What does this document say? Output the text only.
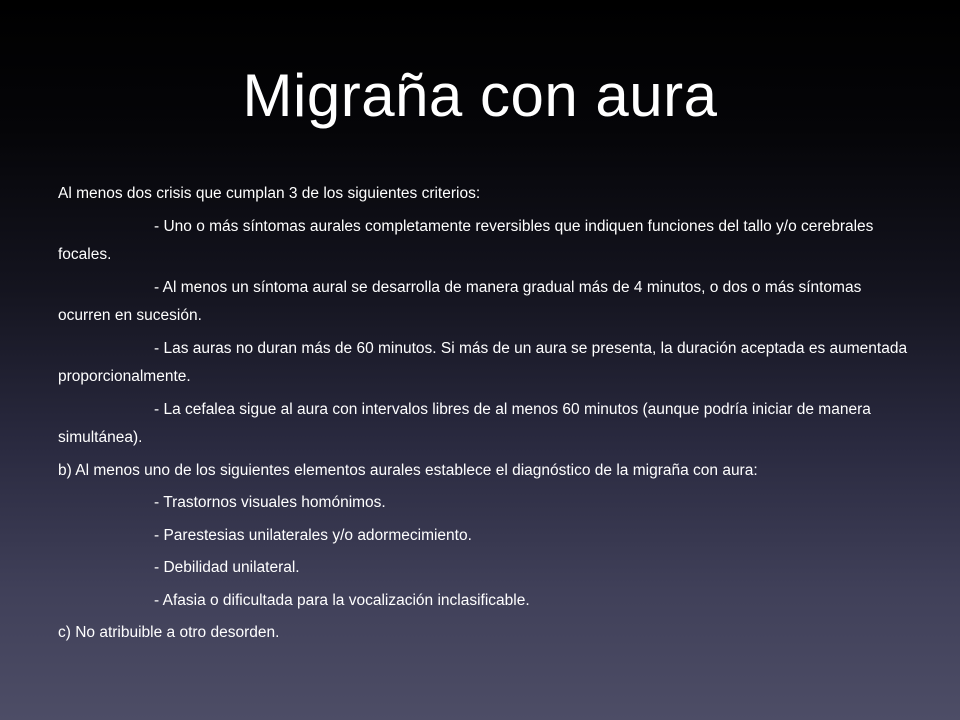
Migraña con aura

Al menos dos crisis que cumplan 3 de los siguientes criterios:

- Uno o más síntomas aurales completamente reversibles que indiquen funciones del tallo y/o cerebrales focales.

- Al menos un síntoma aural se desarrolla de manera gradual más de 4 minutos, o dos o más síntomas ocurren en sucesión.

- Las auras no duran más de 60 minutos. Si más de un aura se presenta, la duración aceptada es aumentada proporcionalmente.

- La cefalea sigue al aura con intervalos libres de al menos 60 minutos (aunque podría iniciar de manera simultánea).

b) Al menos uno de los siguientes elementos aurales establece el diagnóstico de la migraña con aura:

- Trastornos visuales homónimos.

- Parestesias unilaterales y/o adormecimiento.

- Debilidad unilateral.

- Afasia o dificultada para la vocalización inclasificable.

c) No atribuible a otro desorden.
